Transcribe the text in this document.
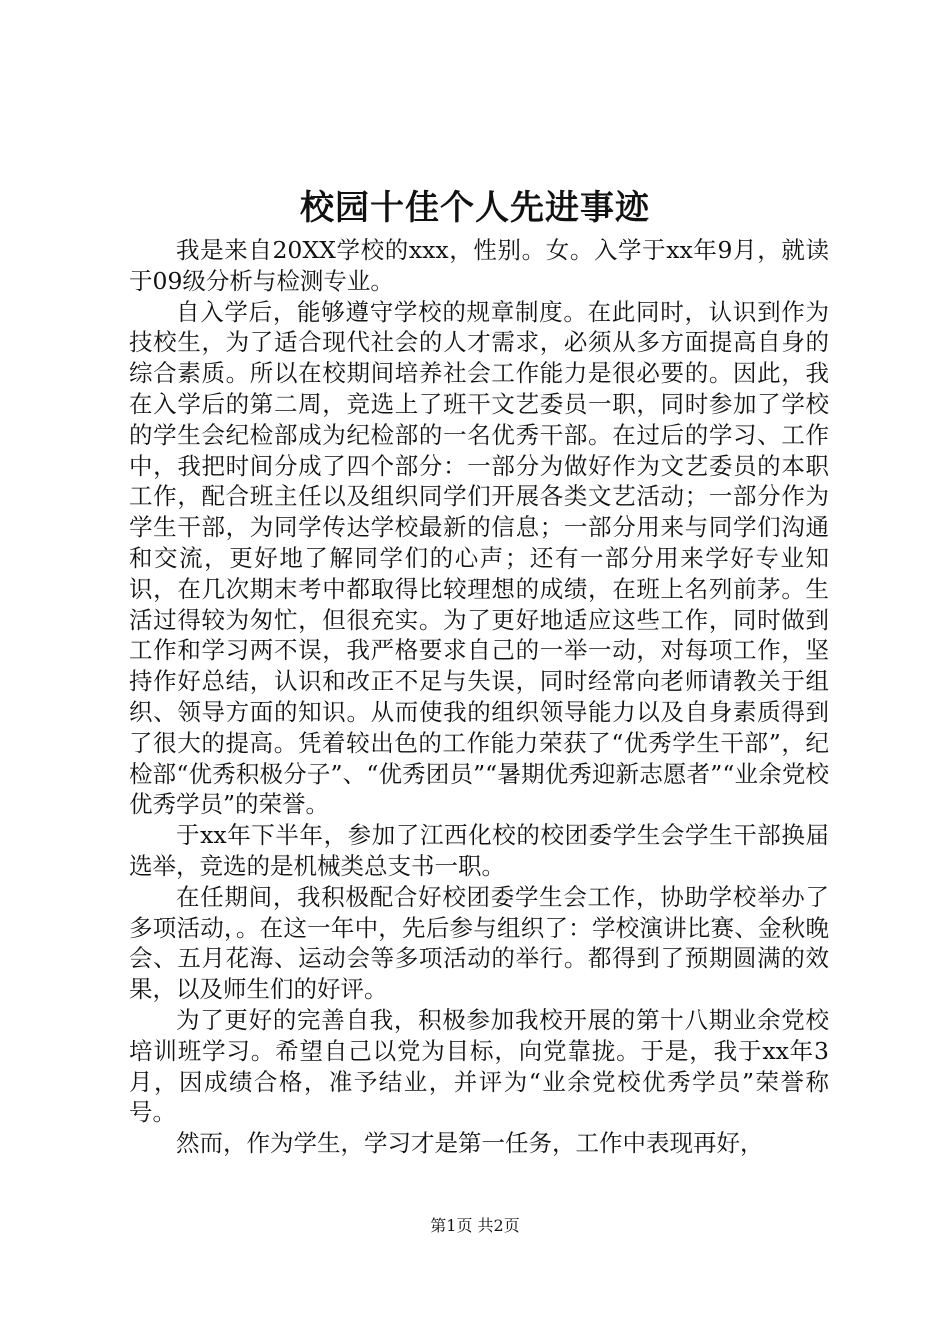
校园十佳个人先进事迹

我是来自20XX学校的xxx，性别。女。入学于xx年9月，就读于09级分析与检测专业。

自入学后，能够遵守学校的规章制度。在此同时，认识到作为技校生，为了适合现代社会的人才需求，必须从多方面提高自身的综合素质。所以在校期间培养社会工作能力是很必要的。因此，我在入学后的第二周，竞选上了班干文艺委员一职，同时参加了学校的学生会纪检部成为纪检部的一名优秀干部。在过后的学习、工作中，我把时间分成了四个部分：一部分为做好作为文艺委员的本职工作，配合班主任以及组织同学们开展各类文艺活动；一部分作为学生干部，为同学传达学校最新的信息；一部分用来与同学们沟通和交流，更好地了解同学们的心声；还有一部分用来学好专业知识，在几次期末考中都取得比较理想的成绩，在班上名列前茅。生活过得较为匆忙，但很充实。为了更好地适应这些工作，同时做到工作和学习两不误，我严格要求自己的一举一动，对每项工作，坚持作好总结，认识和改正不足与失误，同时经常向老师请教关于组织、领导方面的知识。从而使我的组织领导能力以及自身素质得到了很大的提高。凭着较出色的工作能力荣获了“优秀学生干部”，纪检部“优秀积极分子”、“优秀团员”“暑期优秀迎新志愿者”“业余党校优秀学员”的荣誉。

于xx年下半年，参加了江西化校的校团委学生会学生干部换届选举，竞选的是机械类总支书一职。

在任期间，我积极配合好校团委学生会工作，协助学校举办了多项活动，。在这一年中，先后参与组织了：学校演讲比赛、金秋晚会、五月花海、运动会等多项活动的举行。都得到了预期圆满的效果，以及师生们的好评。

为了更好的完善自我，积极参加我校开展的第十八期业余党校培训班学习。希望自己以党为目标，向党靠拢。于是，我于xx年3月，因成绩合格，准予结业，并评为“业余党校优秀学员”荣誉称号。

然而，作为学生，学习才是第一任务，工作中表现再好，

第1页 共2页
